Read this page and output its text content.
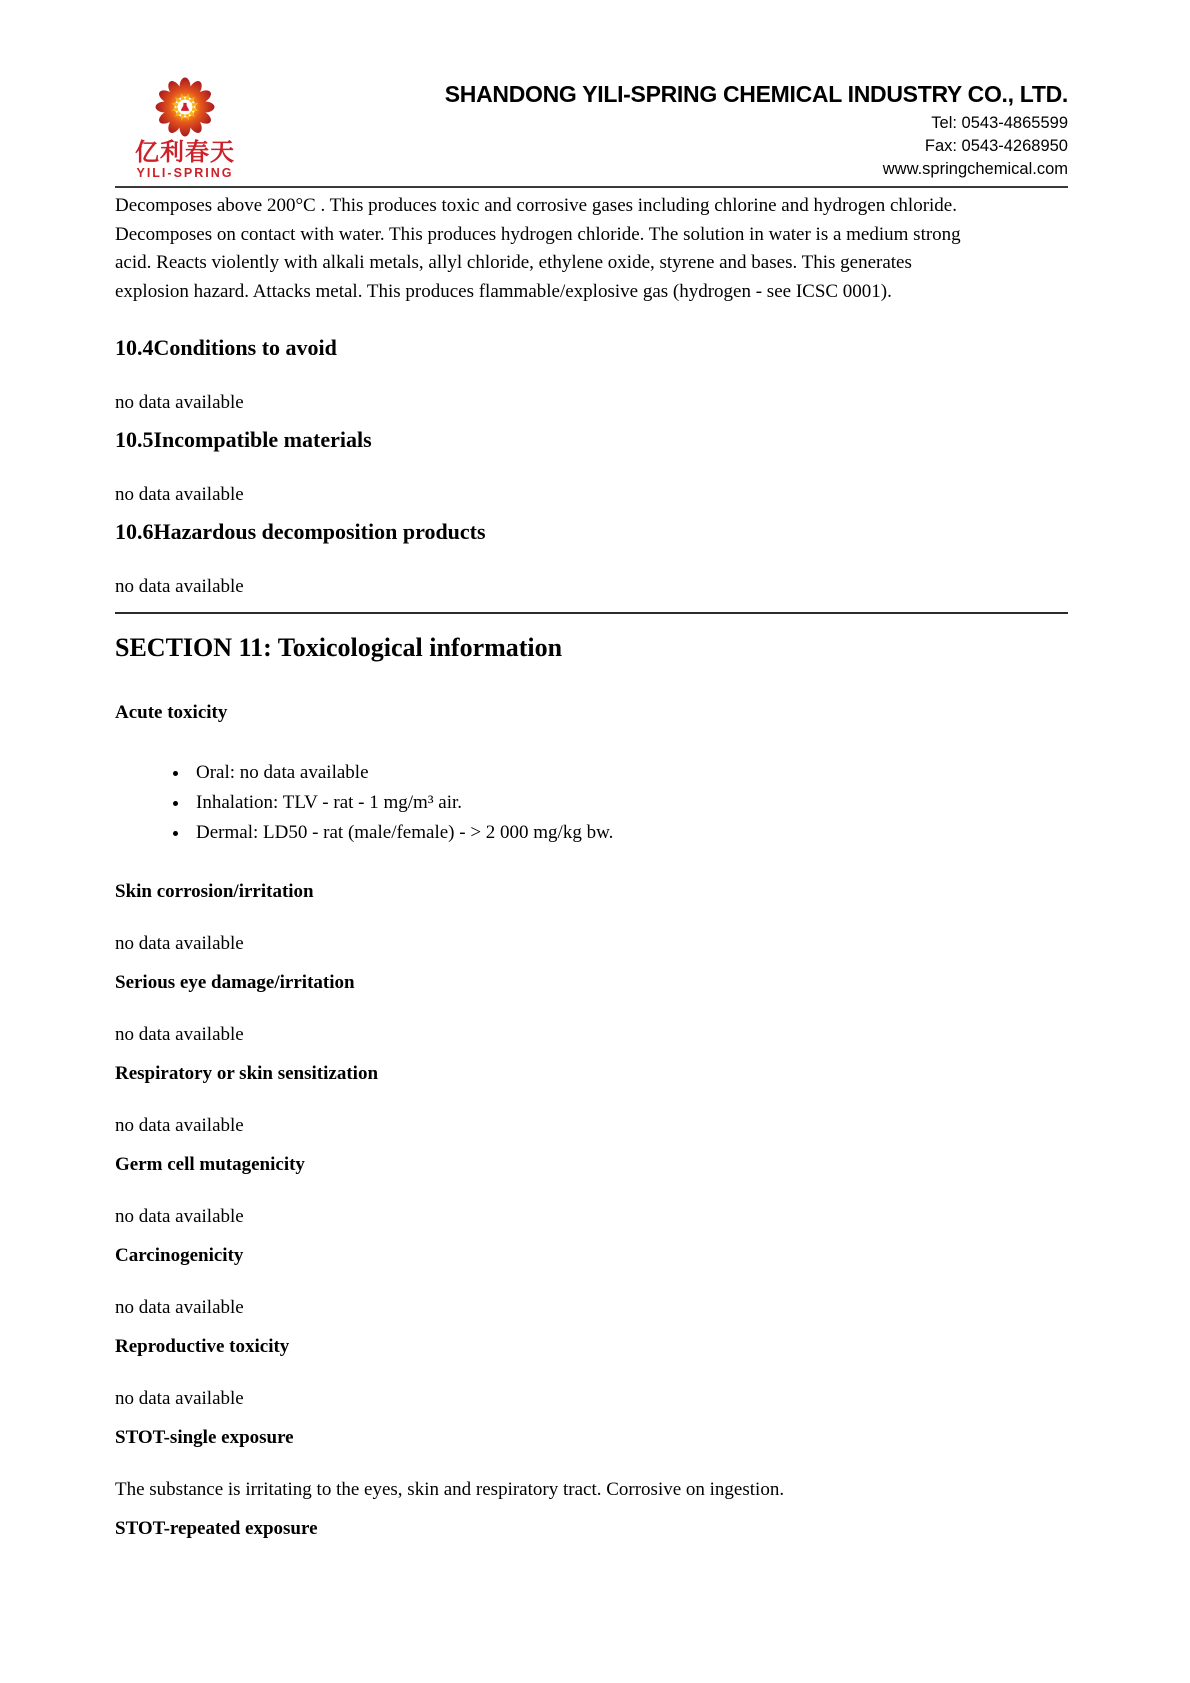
亿利春天
YILI-SPRING
SHANDONG YILI-SPRING CHEMICAL INDUSTRY CO., LTD.
Tel: 0543-4865599
Fax: 0543-4268950
www.springchemical.com
Decomposes above 200°C . This produces toxic and corrosive gases including chlorine and hydrogen chloride.
Decomposes on contact with water. This produces hydrogen chloride. The solution in water is a medium strong
acid. Reacts violently with alkali metals, allyl chloride, ethylene oxide, styrene and bases. This generates
explosion hazard. Attacks metal. This produces flammable/explosive gas (hydrogen - see ICSC 0001).
10.4Conditions to avoid

no data available

10.5Incompatible materials

no data available

10.6Hazardous decomposition products

no data available

SECTION 11: Toxicological information
Acute toxicity
• Oral: no data available
• Inhalation: TLV - rat - 1 mg/m³ air.
• Dermal: LD50 - rat (male/female) - > 2 000 mg/kg bw.
Skin corrosion/irritation

no data available

Serious eye damage/irritation

no data available

Respiratory or skin sensitization

no data available

Germ cell mutagenicity

no data available

Carcinogenicity

no data available

Reproductive toxicity

no data available

STOT-single exposure

The substance is irritating to the eyes, skin and respiratory tract. Corrosive on ingestion.

STOT-repeated exposure
